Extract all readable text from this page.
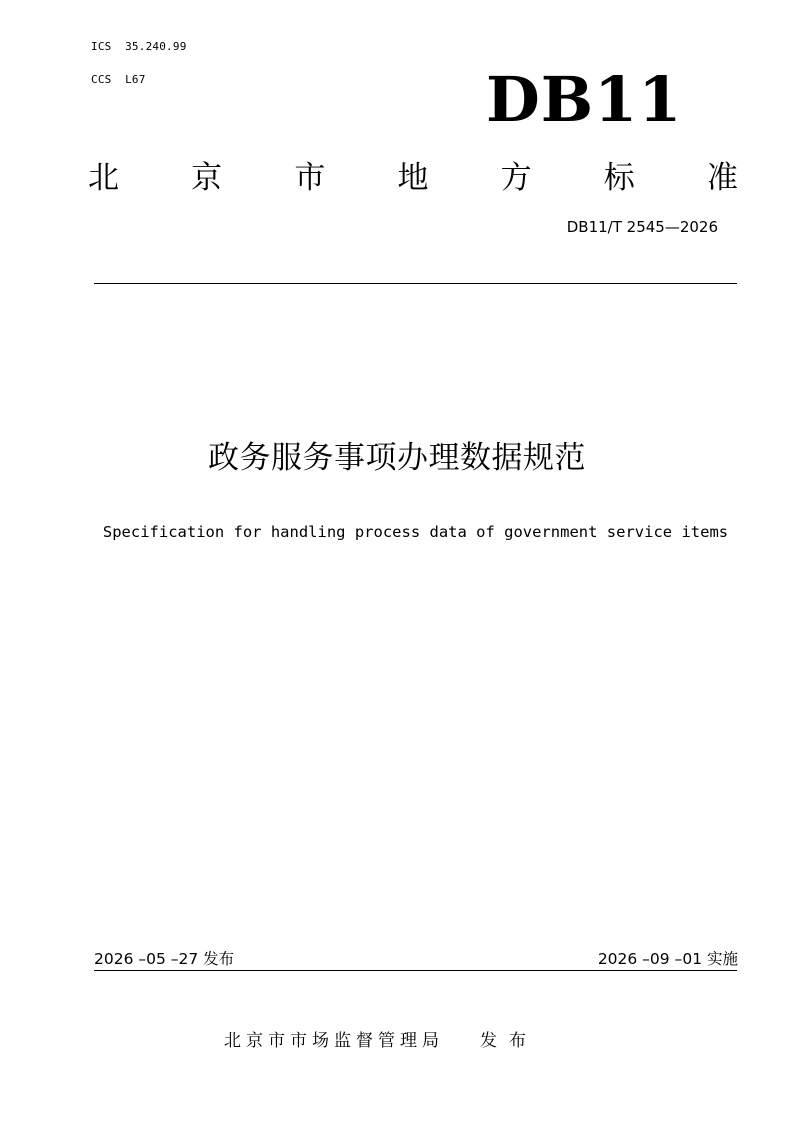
ICS  35.240.99
CCS  L67	DB11
北 京 市 地 方 标 准
DB11/T 2545—2026
政务服务事项办理数据规范
Specification for handling process data of government service items
2026 –05 –27 发布	2026 –09 –01 实施
北京市市场监督管理局 发布
